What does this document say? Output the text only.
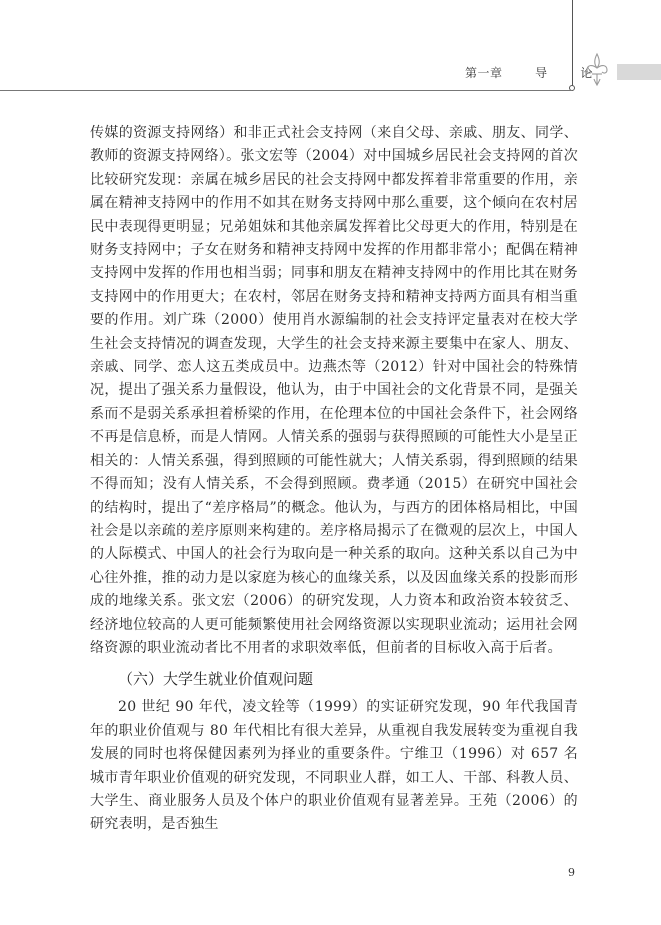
第一章	导	论

传媒的资源支持网络）和非正式社会支持网（来自父母、亲戚、朋友、同学、教师的资源支持网络）。张文宏等（2004）对中国城乡居民社会支持网的首次比较研究发现：亲属在城乡居民的社会支持网中都发挥着非常重要的作用，亲属在精神支持网中的作用不如其在财务支持网中那么重要，这个倾向在农村居民中表现得更明显；兄弟姐妹和其他亲属发挥着比父母更大的作用，特别是在财务支持网中；子女在财务和精神支持网中发挥的作用都非常小；配偶在精神支持网中发挥的作用也相当弱；同事和朋友在精神支持网中的作用比其在财务支持网中的作用更大；在农村，邻居在财务支持和精神支持两方面具有相当重要的作用。刘广珠（2000）使用肖水源编制的社会支持评定量表对在校大学生社会支持情况的调查发现，大学生的社会支持来源主要集中在家人、朋友、亲戚、同学、恋人这五类成员中。边燕杰等（2012）针对中国社会的特殊情况，提出了强关系力量假设，他认为，由于中国社会的文化背景不同，是强关系而不是弱关系承担着桥梁的作用，在伦理本位的中国社会条件下，社会网络不再是信息桥，而是人情网。人情关系的强弱与获得照顾的可能性大小是呈正相关的：人情关系强，得到照顾的可能性就大；人情关系弱，得到照顾的结果不得而知；没有人情关系，不会得到照顾。费孝通（2015）在研究中国社会的结构时，提出了“差序格局”的概念。他认为，与西方的团体格局相比，中国社会是以亲疏的差序原则来构建的。差序格局揭示了在微观的层次上，中国人的人际模式、中国人的社会行为取向是一种关系的取向。这种关系以自己为中心往外推，推的动力是以家庭为核心的血缘关系，以及因血缘关系的投影而形成的地缘关系。张文宏（2006）的研究发现，人力资本和政治资本较贫乏、经济地位较高的人更可能频繁使用社会网络资源以实现职业流动；运用社会网络资源的职业流动者比不用者的求职效率低，但前者的目标收入高于后者。

（六）大学生就业价值观问题

20 世纪 90 年代，凌文辁等（1999）的实证研究发现，90 年代我国青年的职业价值观与 80 年代相比有很大差异，从重视自我发展转变为重视自我发展的同时也将保健因素列为择业的重要条件。宁维卫（1996）对 657 名城市青年职业价值观的研究发现，不同职业人群，如工人、干部、科教人员、大学生、商业服务人员及个体户的职业价值观有显著差异。王苑（2006）的研究表明，是否独生

9
